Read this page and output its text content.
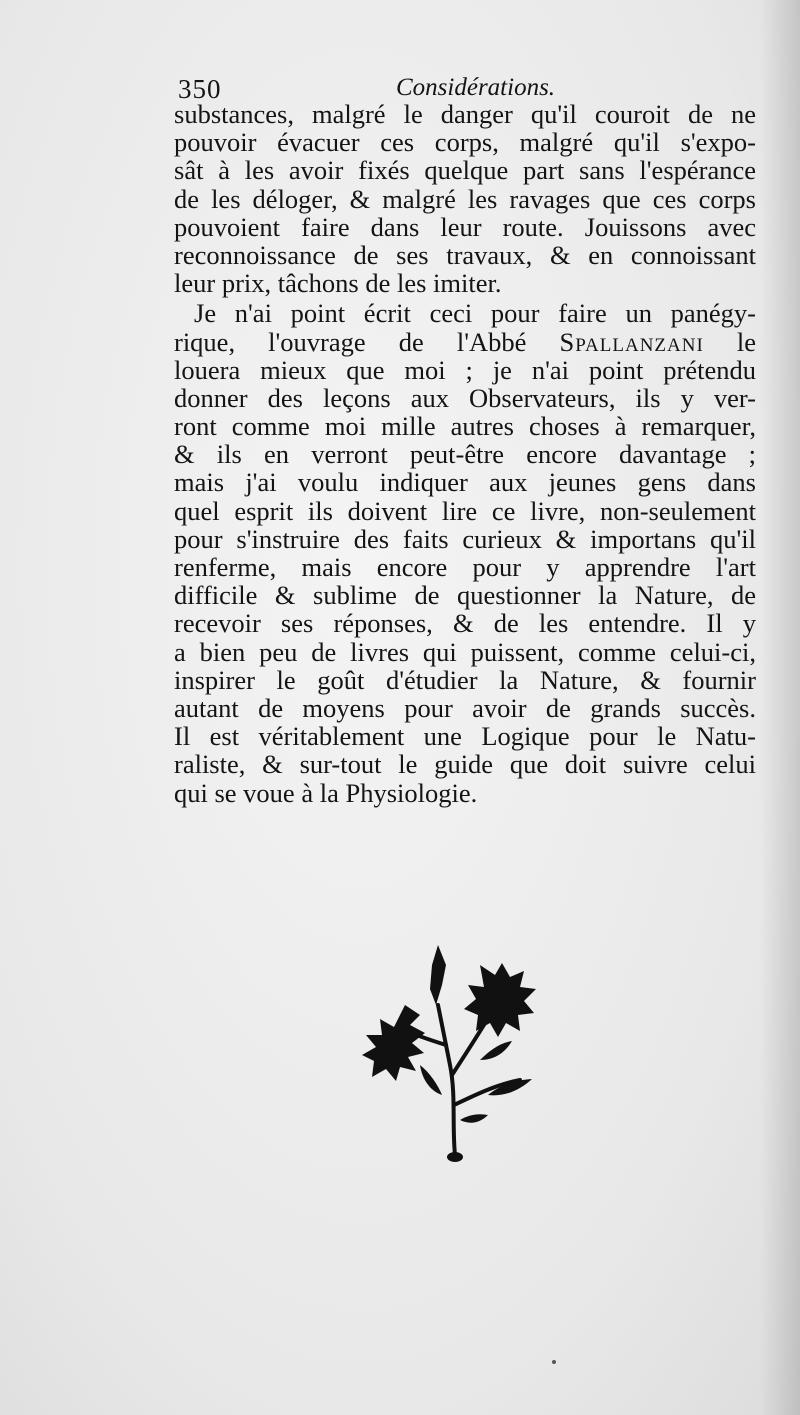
350	Considérations.
substances, malgré le danger qu'il couroit de ne
pouvoir évacuer ces corps, malgré qu'il s'expo-
sât à les avoir fixés quelque part sans l'espérance
de les déloger, & malgré les ravages que ces corps
pouvoient faire dans leur route. Jouissons avec
reconnoissance de ses travaux, & en connoissant
leur prix, tâchons de les imiter.
Je n'ai point écrit ceci pour faire un panégy-
rique, l'ouvrage de l'Abbé Spallanzani le
louera mieux que moi ; je n'ai point prétendu
donner des leçons aux Observateurs, ils y ver-
ront comme moi mille autres choses à remarquer,
& ils en verront peut-être encore davantage ;
mais j'ai voulu indiquer aux jeunes gens dans
quel esprit ils doivent lire ce livre, non-seulement
pour s'instruire des faits curieux & importans qu'il
renferme, mais encore pour y apprendre l'art
difficile & sublime de questionner la Nature, de
recevoir ses réponses, & de les entendre. Il y
a bien peu de livres qui puissent, comme celui-ci,
inspirer le goût d'étudier la Nature, & fournir
autant de moyens pour avoir de grands succès.
Il est véritablement une Logique pour le Natu-
raliste, & sur-tout le guide que doit suivre celui
qui se voue à la Physiologie.
